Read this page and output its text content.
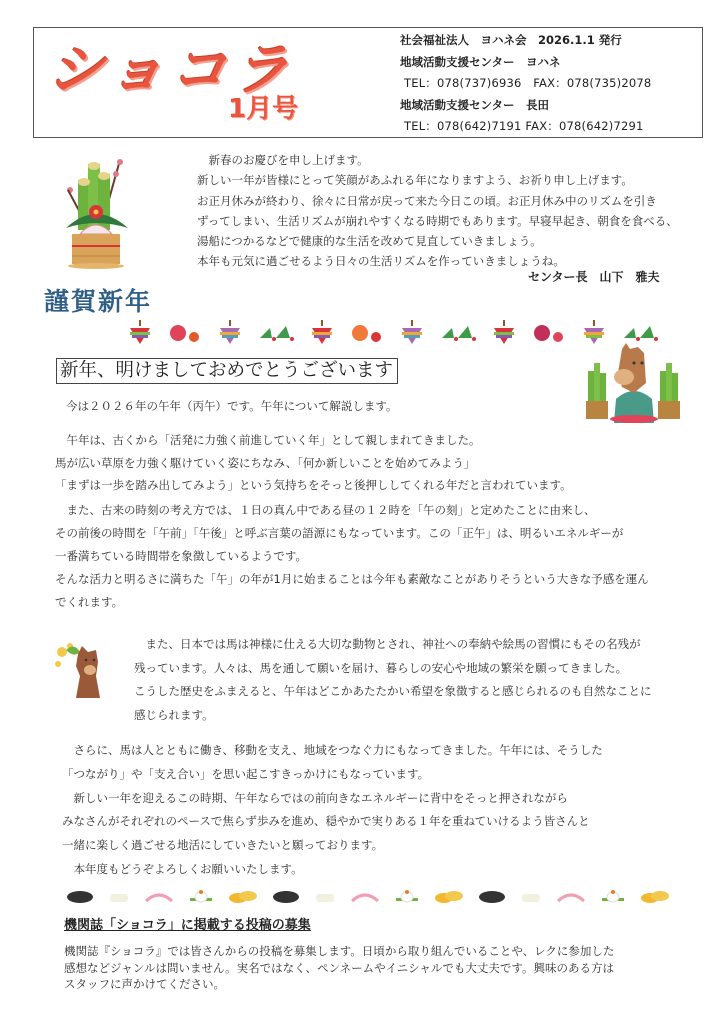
ショコラ
1月号
社会福祉法人　ヨハネ会　2026.1.1 発行
地域活動支援センター　ヨハネ
TEL：078(737)6936　FAX：078(735)2078
地域活動支援センター　長田
TEL：078(642)7191 FAX：078(642)7291

　新春のお慶びを申し上げます。

新しい一年が皆様にとって笑顔があふれる年になりますよう、お祈り申し上げます。

お正月休みが終わり、徐々に日常が戻って来た今日この頃。お正月休み中のリズムを引き

ずってしまい、生活リズムが崩れやすくなる時期でもあります。早寝早起き、朝食を食べる、

湯船につかるなどで健康的な生活を改めて見直していきましょう。

本年も元気に過ごせるよう日々の生活リズムを作っていきましょうね。

センター長　山下　雅夫
謹賀新年
新年、明けましておめでとうございます
今は２０２６年の午年（丙午）です。午年について解説します。

　午年は、古くから「活発に力強く前進していく年」として親しまれてきました。

馬が広い草原を力強く駆けていく姿にちなみ、「何か新しいことを始めてみよう」

「まずは一歩を踏み出してみよう」という気持ちをそっと後押ししてくれる年だと言われています。

　また、古来の時刻の考え方では、１日の真ん中である昼の１２時を「午の刻」と定めたことに由来し、

その前後の時間を「午前」「午後」と呼ぶ言葉の語源にもなっています。この「正午」は、明るいエネルギーが

一番満ちている時間帯を象徴しているようです。

そんな活力と明るさに満ちた「午」の年が1月に始まることは今年も素敵なことがありそうという大きな予感を運ん

でくれます。

　また、日本では馬は神様に仕える大切な動物とされ、神社への奉納や絵馬の習慣にもその名残が

残っています。人々は、馬を通して願いを届け、暮らしの安心や地域の繁栄を願ってきました。

こうした歴史をふまえると、午年はどこかあたたかい希望を象徴すると感じられるのも自然なことに

感じられます。

　さらに、馬は人とともに働き、移動を支え、地域をつなぐ力にもなってきました。午年には、そうした

「つながり」や「支え合い」を思い起こすきっかけにもなっています。

　新しい一年を迎えるこの時期、午年ならではの前向きなエネルギーに背中をそっと押されながら

みなさんがそれぞれのペースで焦らず歩みを進め、穏やかで実りある１年を重ねていけるよう皆さんと

一緒に楽しく過ごせる地活にしていきたいと願っております。

　本年度もどうぞよろしくお願いいたします。

機関誌「ショコラ」に掲載する投稿の募集

機関誌『ショコラ』では皆さんからの投稿を募集します。日頃から取り組んでいることや、レクに参加した

感想などジャンルは問いません。実名ではなく、ペンネームやイニシャルでも大丈夫です。興味のある方は

スタッフに声かけてください。
